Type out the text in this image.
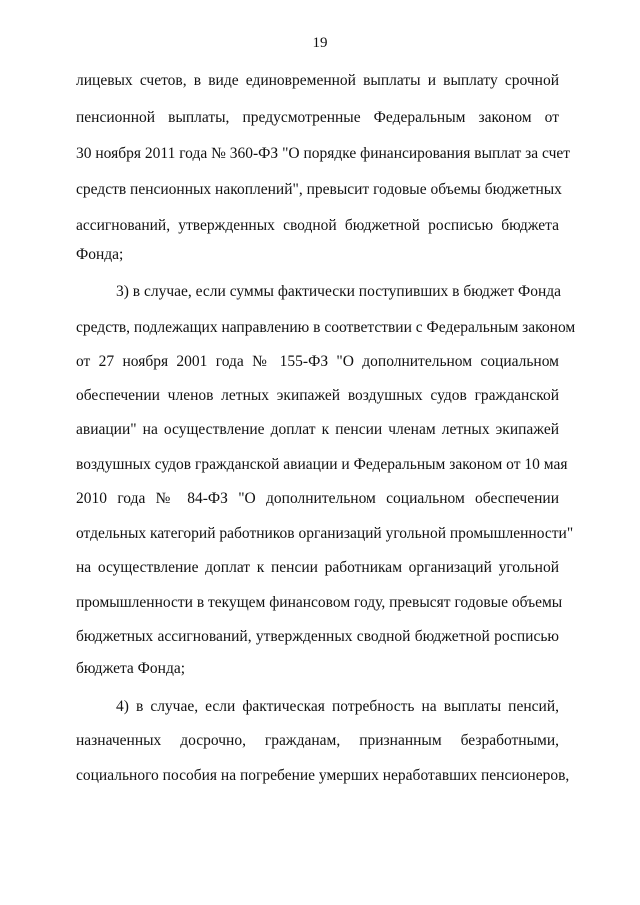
19
лицевых счетов, в виде единовременной выплаты и выплату срочной
пенсионной выплаты, предусмотренные Федеральным законом от
30 ноября 2011 года № 360-ФЗ "О порядке финансирования выплат за счет
средств пенсионных накоплений", превысит годовые объемы бюджетных
ассигнований, утвержденных сводной бюджетной росписью бюджета
Фонда;
3) в случае, если суммы фактически поступивших в бюджет Фонда
средств, подлежащих направлению в соответствии с Федеральным законом
от 27 ноября 2001 года № 155-ФЗ "О дополнительном социальном
обеспечении членов летных экипажей воздушных судов гражданской
авиации" на осуществление доплат к пенсии членам летных экипажей
воздушных судов гражданской авиации и Федеральным законом от 10 мая
2010 года № 84-ФЗ "О дополнительном социальном обеспечении
отдельных категорий работников организаций угольной промышленности"
на осуществление доплат к пенсии работникам организаций угольной
промышленности в текущем финансовом году, превысят годовые объемы
бюджетных ассигнований, утвержденных сводной бюджетной росписью
бюджета Фонда;
4) в случае, если фактическая потребность на выплаты пенсий,
назначенных досрочно, гражданам, признанным безработными,
социального пособия на погребение умерших неработавших пенсионеров,
